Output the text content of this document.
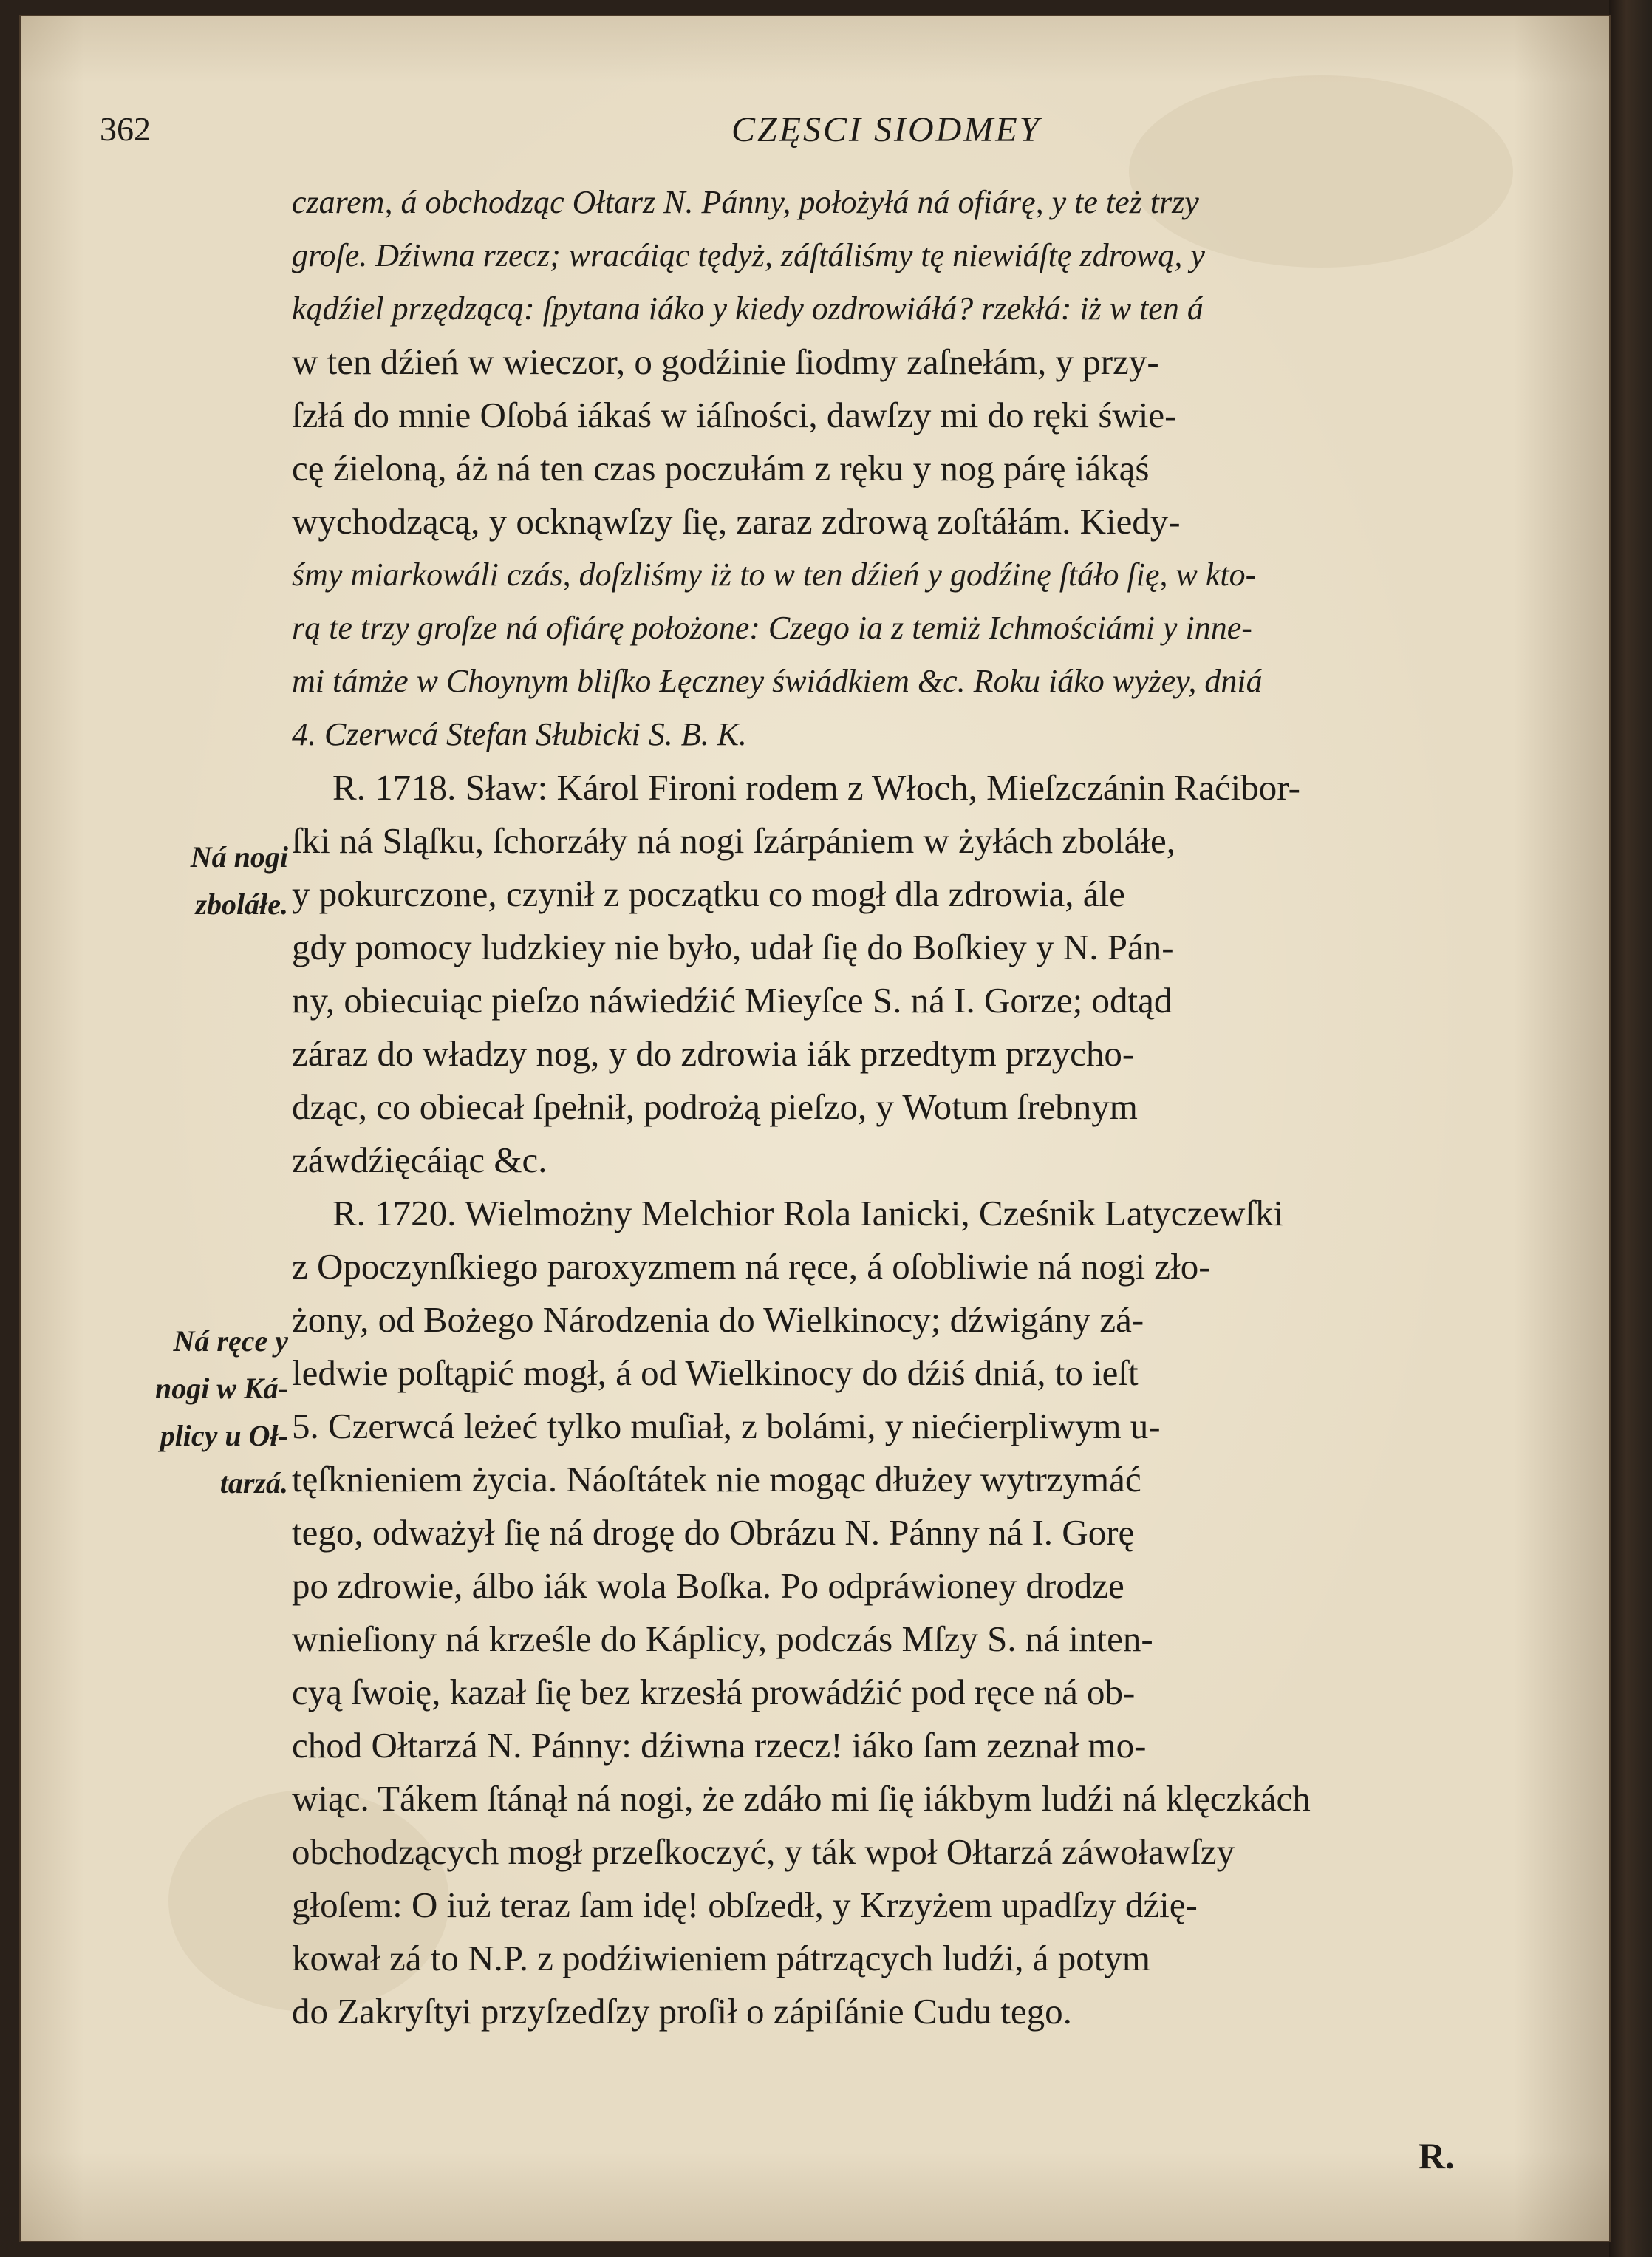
362	CZĘSCI SIODMEY
czarem, á obchodząc Ołtarz N. Pánny, położyłá ná ofiárę, y te też trzy
groſe. Dźiwna rzecz; wracáiąc tędyż, záſtáliśmy tę niewiáſtę zdrową, y
kądźiel przędzącą: ſpytana iáko y kiedy ozdrowiáłá? rzekłá: iż w ten á
w ten dźień w wieczor, o godźinie ſiodmy zaſnełám, y przy-
ſzłá do mnie Oſobá iákaś w iáſności, dawſzy mi do ręki świe-
cę źieloną, áż ná ten czas poczułám z ręku y nog párę iákąś
wychodzącą, y ocknąwſzy ſię, zaraz zdrową zoſtáłám. Kiedy-
śmy miarkowáli czás, doſzliśmy iż to w ten dźień y godźinę ſtáło ſię, w kto-
rą te trzy groſze ná ofiárę położone: Czego ia z temiż Ichmościámi y inne-
mi támże w Choynym bliſko Łęczney świádkiem &c. Roku iáko wyżey, dniá
4. Czerwcá Stefan Słubicki S. B. K.
R. 1718. Sław: Károl Fironi rodem z Włoch, Mieſzczánin Raćibor-
ſki ná Sląſku, ſchorzáły ná nogi ſzárpániem w żyłách zboláłe,
y pokurczone, czynił z początku co mogł dla zdrowia, ále
gdy pomocy ludzkiey nie było, udał ſię do Boſkiey y N. Pán-
ny, obiecuiąc pieſzo náwiedźić Mieyſce S. ná I. Gorze; odtąd
záraz do władzy nog, y do zdrowia iák przedtym przycho-
dząc, co obiecał ſpełnił, podrożą pieſzo, y Wotum ſrebnym
záwdźięcáiąc &c.
R. 1720. Wielmożny Melchior Rola Ianicki, Cześnik Latyczewſki
z Opoczynſkiego paroxyzmem ná ręce, á oſobliwie ná nogi zło-
żony, od Bożego Národzenia do Wielkinocy; dźwigány zá-
ledwie poſtąpić mogł, á od Wielkinocy do dźiś dniá, to ieſt
5. Czerwcá leżeć tylko muſiał, z bolámi, y niećierpliwym u-
tęſknieniem życia. Náoſtátek nie mogąc dłużey wytrzymáć
tego, odważył ſię ná drogę do Obrázu N. Pánny ná I. Gorę
po zdrowie, álbo iák wola Boſka. Po odpráwioney drodze
wnieſiony ná krześle do Káplicy, podczás Mſzy S. ná inten-
cyą ſwoię, kazał ſię bez krzesłá prowádźić pod ręce ná ob-
chod Ołtarzá N. Pánny: dźiwna rzecz! iáko ſam zeznał mo-
wiąc. Tákem ſtánął ná nogi, że zdáło mi ſię iákbym ludźi ná klęczkách
obchodzących mogł przeſkoczyć, y ták wpoł Ołtarzá záwoławſzy
głoſem: O iuż teraz ſam idę! obſzedł, y Krzyżem upadſzy dźię-
kował zá to N.P. z podźiwieniem pátrzących ludźi, á potym
do Zakryſtyi przyſzedſzy proſił o zápiſánie Cudu tego.
Ná nogi
zboláłe.
Ná ręce y
nogi w Ká-
plicy u Oł-
tarzá.
R.
